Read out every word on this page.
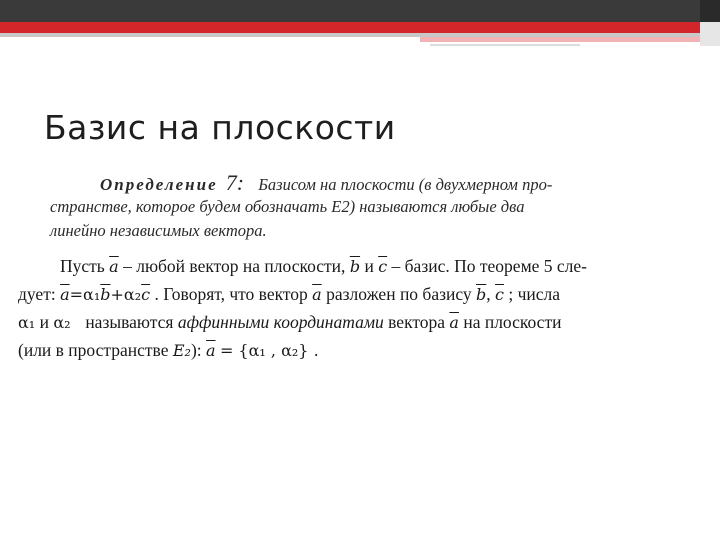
Базис на плоскости
Определение 7: Базисом на плоскости (в двухмерном про-
странстве, которое будем обозначать E2) называются любые два
линейно независимых вектора.
Пусть $\overline{a}$ – любой вектор на плоскости, $\overline{b}$ и $\overline{c}$ – базис. По теореме 5 сле-
дует: $\overline{a}=\alpha_1\overline{b}+\alpha_2\overline{c}$ . Говорят, что вектор $\overline{a}$ разложен по базису $\overline{b}$, $\overline{c}$ ; числа
α₁ и α₂ называются аффинными координатами вектора $\overline{a}$ на плоскости
(или в пространстве E₂): $\overline{a} = \{\alpha_1$ , α₂} .
